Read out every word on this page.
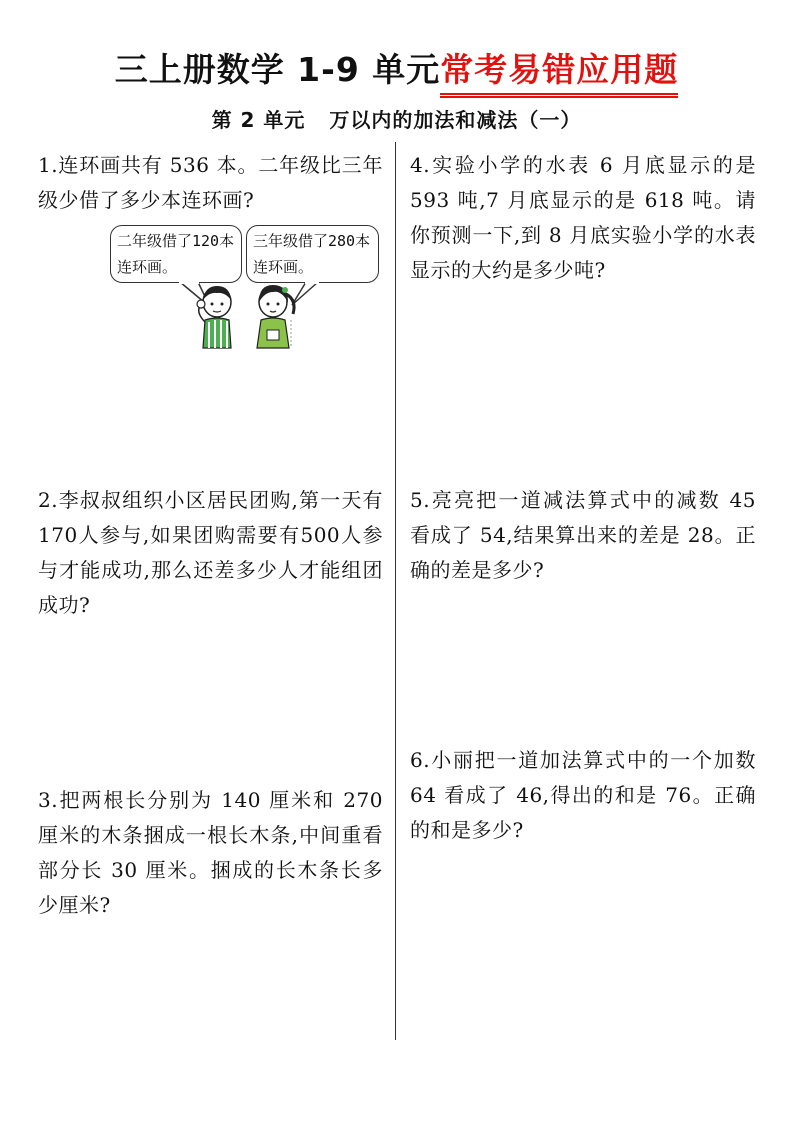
三上册数学 1-9 单元常考易错应用题
第 2 单元 万以内的加法和减法（一）
1.连环画共有 536 本。二年级比三年级少借了多少本连环画?
二年级借了120本连环画。
三年级借了280本连环画。
2.李叔叔组织小区居民团购,第一天有170人参与,如果团购需要有500人参与才能成功,那么还差多少人才能组团成功?
3.把两根长分别为 140 厘米和 270 厘米的木条捆成一根长木条,中间重看部分长 30 厘米。捆成的长木条长多少厘米?
4.实验小学的水表 6 月底显示的是 593 吨,7 月底显示的是 618 吨。请你预测一下,到 8 月底实验小学的水表显示的大约是多少吨?
5.亮亮把一道减法算式中的减数 45 看成了 54,结果算出来的差是 28。正确的差是多少?
6.小丽把一道加法算式中的一个加数 64 看成了 46,得出的和是 76。正确的和是多少?
